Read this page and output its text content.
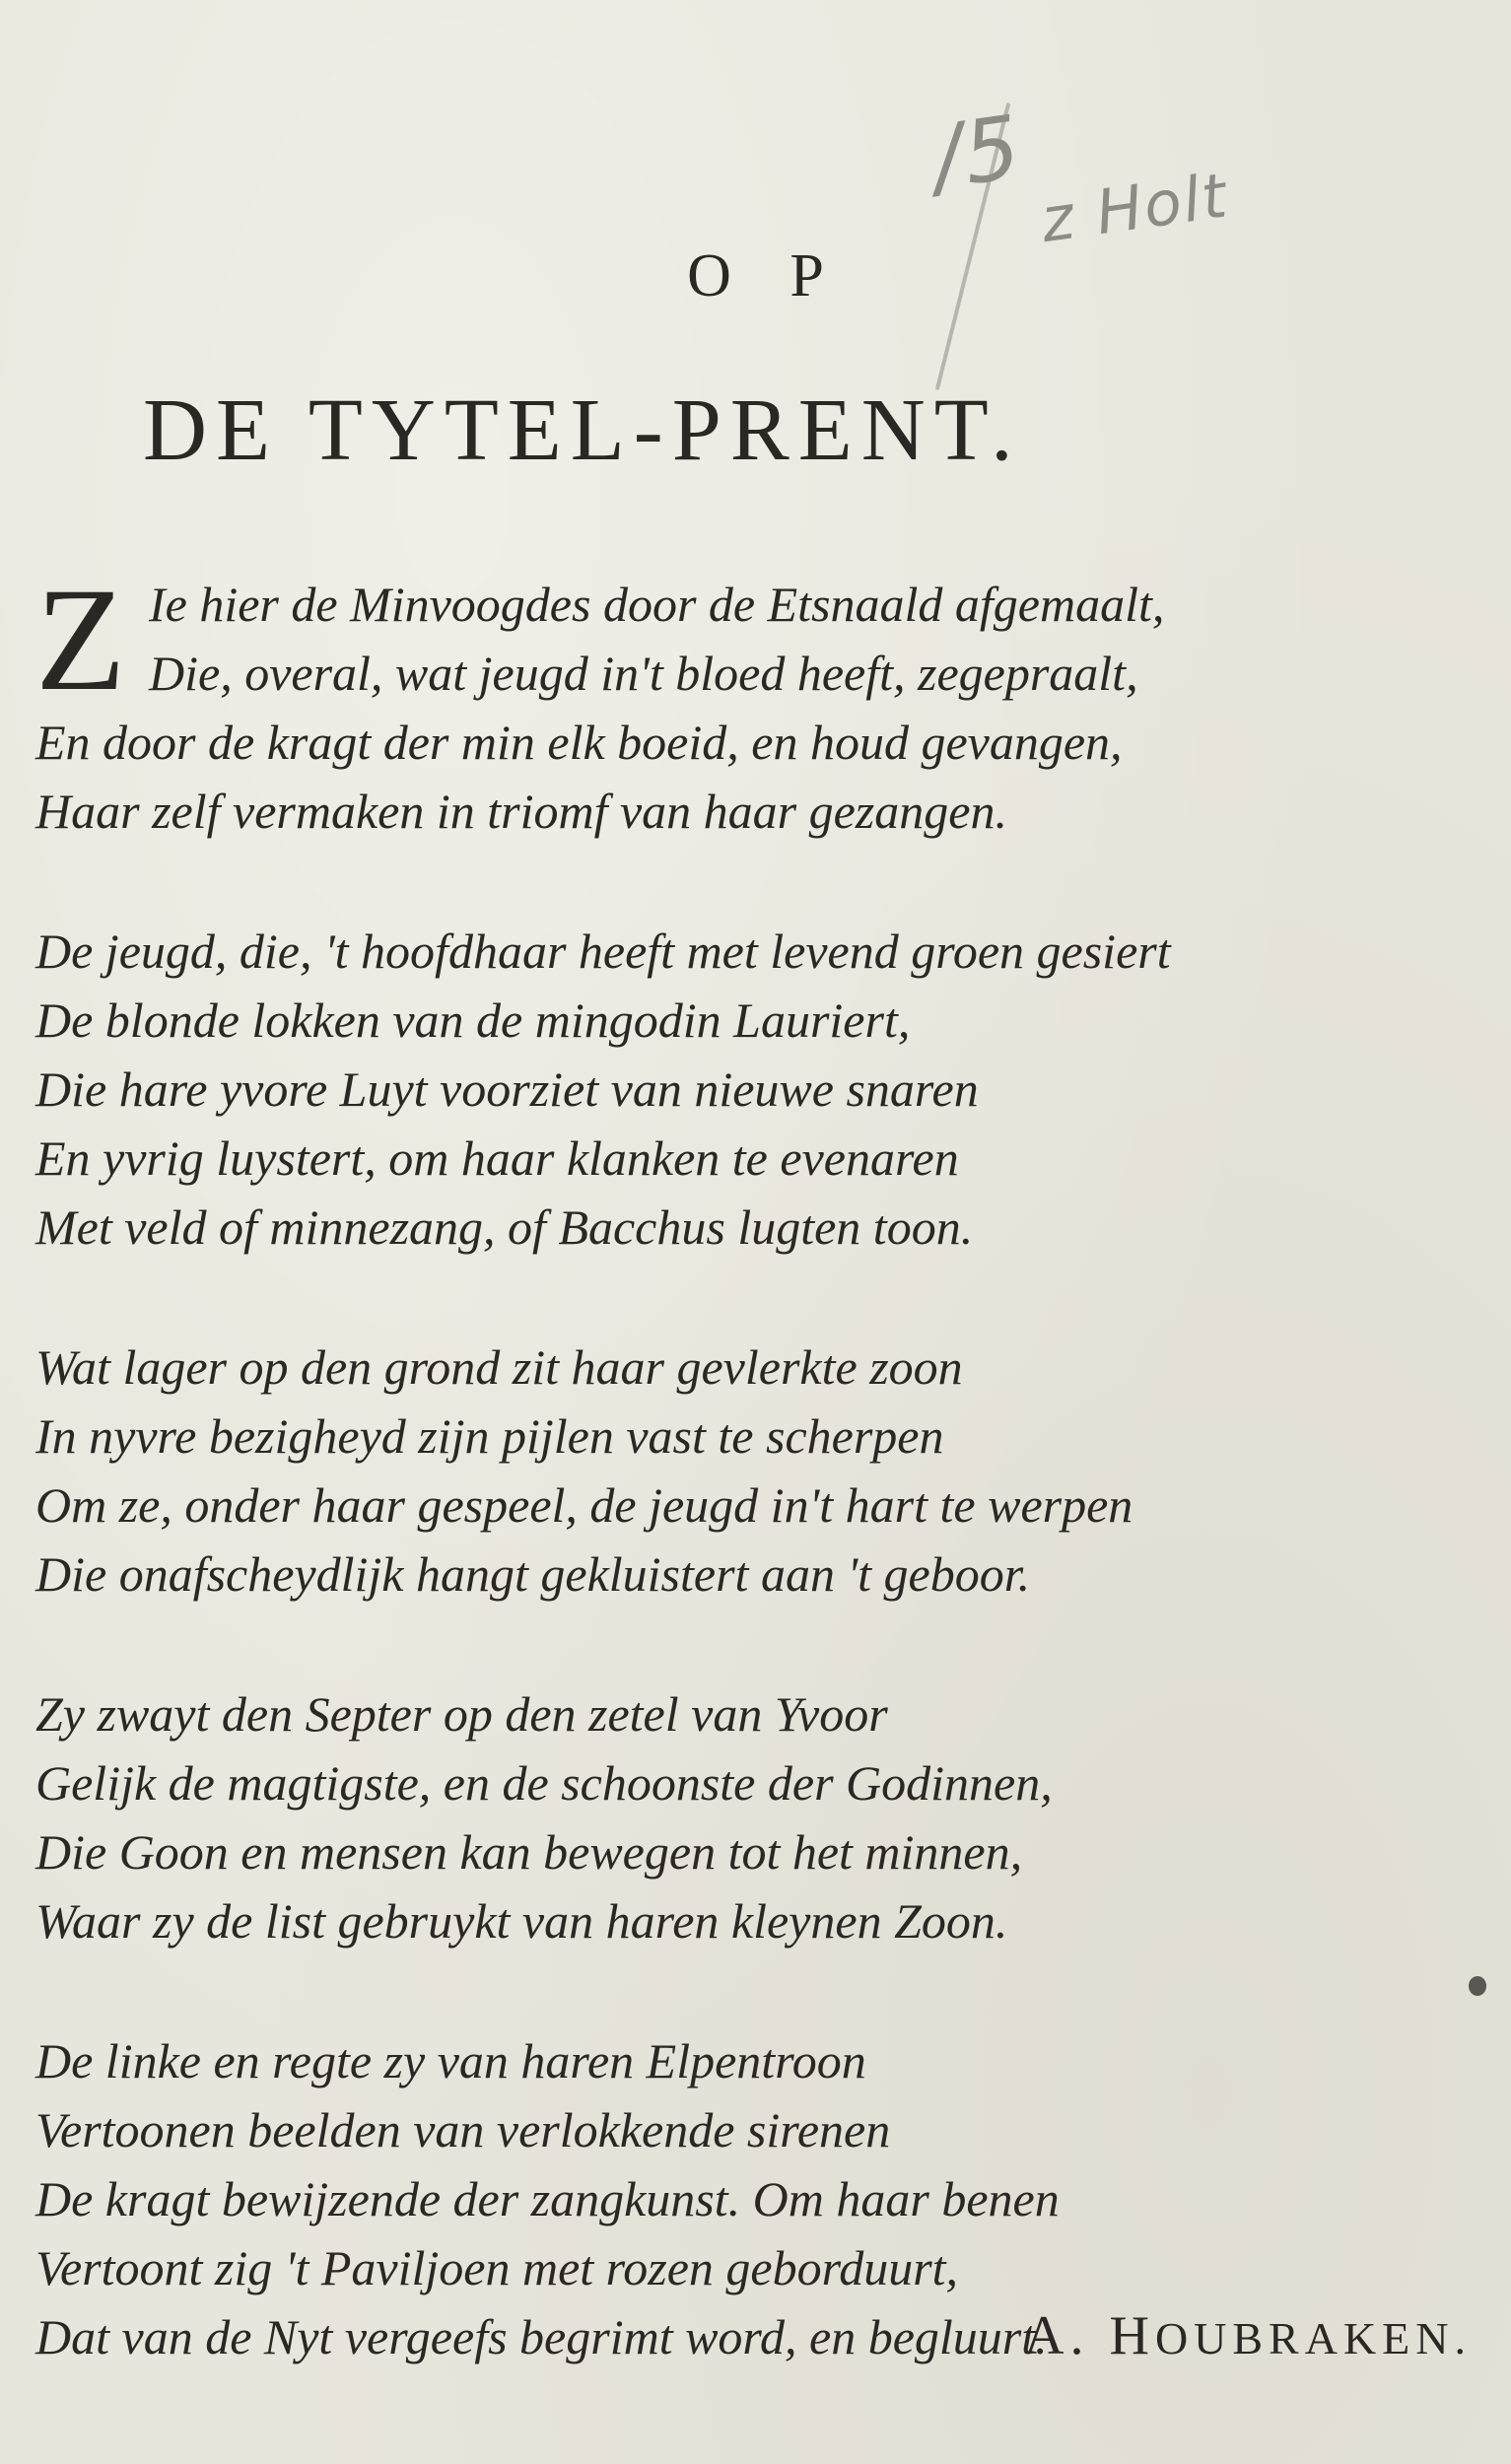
/5 z Holt
O P
DE TYTEL-PRENT.
Z Ie hier de Minvoogdes door de Etsnaald afgemaalt,
Die, overal, wat jeugd in't bloed heeft, zegepraalt,
En door de kragt der min elk boeid, en houd gevangen,
Haar zelf vermaken in triomf van haar gezangen.
De jeugd, die, 't hoofdhaar heeft met levend groen gesiert
De blonde lokken van de mingodin Lauriert,
Die hare yvore Luyt voorziet van nieuwe snaren
En yvrig luystert, om haar klanken te evenaren
Met veld of minnezang, of Bacchus lugten toon.
Wat lager op den grond zit haar gevlerkte zoon
In nyvre bezigheyd zijn pijlen vast te scherpen
Om ze, onder haar gespeel, de jeugd in't hart te werpen
Die onafscheydlijk hangt gekluistert aan 't geboor.
Zy zwayt den Septer op den zetel van Yvoor
Gelijk de magtigste, en de schoonste der Godinnen,
Die Goon en mensen kan bewegen tot het minnen,
Waar zy de list gebruykt van haren kleynen Zoon.
De linke en regte zy van haren Elpentroon
Vertoonen beelden van verlokkende sirenen
De kragt bewijzende der zangkunst. Om haar benen
Vertoont zig 't Paviljoen met rozen geborduurt,
Dat van de Nyt vergeefs begrimt word, en begluurt.
A. HOUBRAKEN.
